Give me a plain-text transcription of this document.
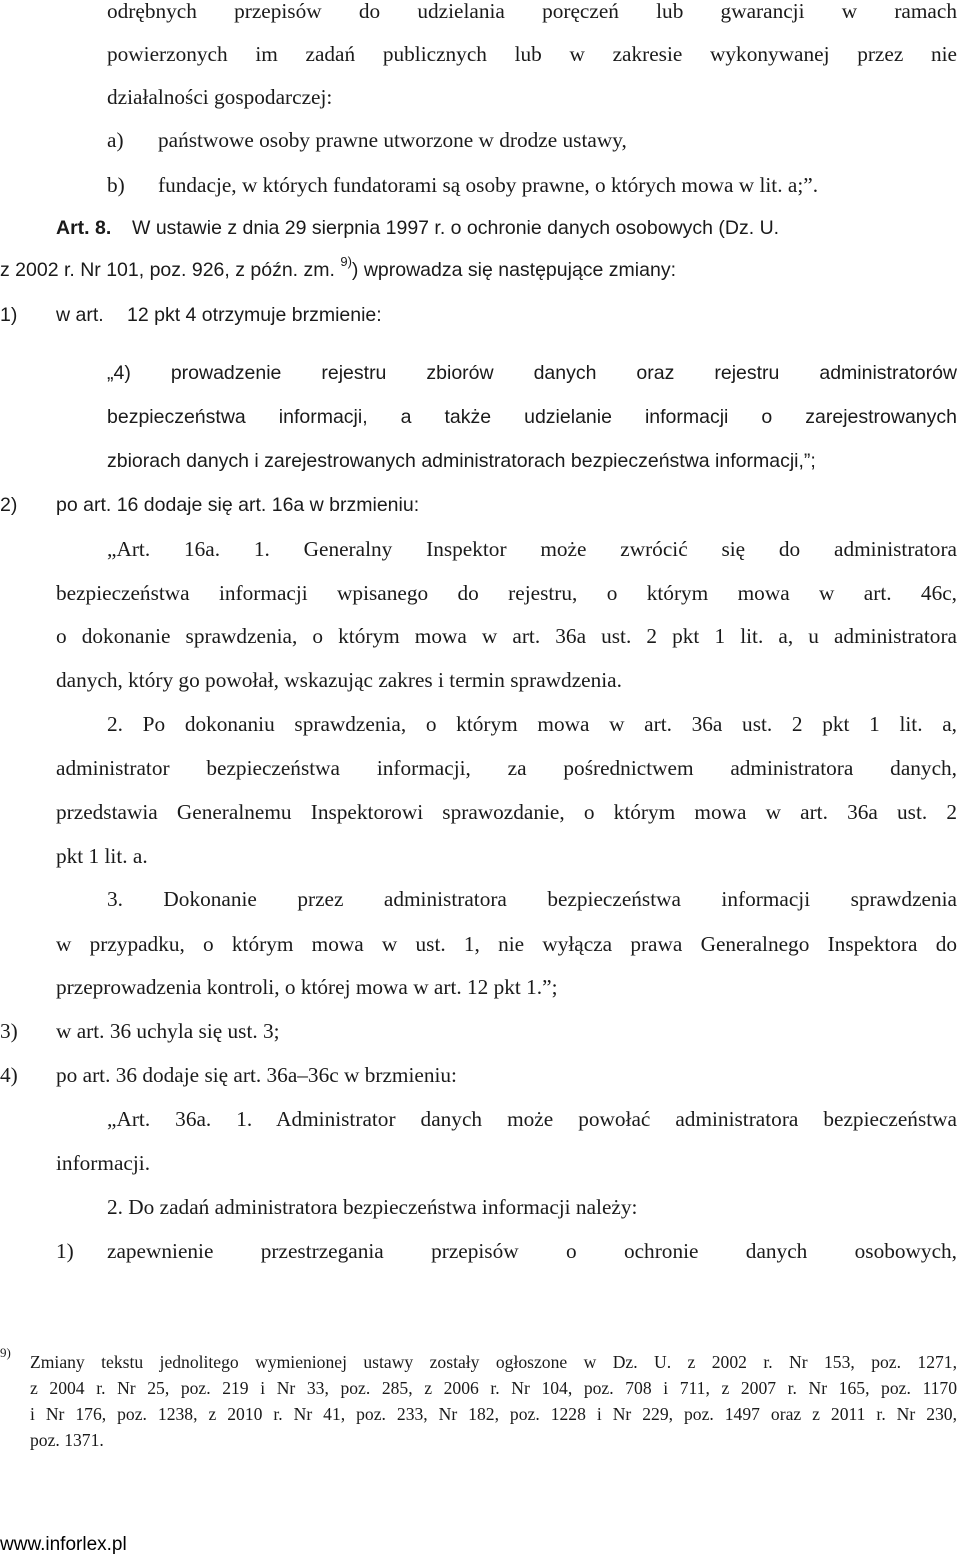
odrębnych przepisów do udzielania poręczeń lub gwarancji w ramach
powierzonych im zadań publicznych lub w zakresie wykonywanej przez nie
działalności gospodarczej:
a) państwowe osoby prawne utworzone w drodze ustawy,
b) fundacje, w których fundatorami są osoby prawne, o których mowa w lit. a;”.
Art. 8. W ustawie z dnia 29 sierpnia 1997 r. o ochronie danych osobowych (Dz. U.
z 2002 r. Nr 101, poz. 926, z późn. zm. $^{9)}$) wprowadza się następujące zmiany:
1) w art. 12 pkt 4 otrzymuje brzmienie:
„4) prowadzenie rejestru zbiorów danych oraz rejestru administratorów
bezpieczeństwa informacji, a także udzielanie informacji o zarejestrowanych
zbiorach danych i zarejestrowanych administratorach bezpieczeństwa informacji,”;
2) po art. 16 dodaje się art. 16a w brzmieniu:
„Art. 16a. 1. Generalny Inspektor może zwrócić się do administratora
bezpieczeństwa informacji wpisanego do rejestru, o którym mowa w art. 46c,
o dokonanie sprawdzenia, o którym mowa w art. 36a ust. 2 pkt 1 lit. a, u administratora
danych, który go powołał, wskazując zakres i termin sprawdzenia.
2. Po dokonaniu sprawdzenia, o którym mowa w art. 36a ust. 2 pkt 1 lit. a,
administrator bezpieczeństwa informacji, za pośrednictwem administratora danych,
przedstawia Generalnemu Inspektorowi sprawozdanie, o którym mowa w art. 36a ust. 2
pkt 1 lit. a.
3. Dokonanie przez administratora bezpieczeństwa informacji sprawdzenia
w przypadku, o którym mowa w ust. 1, nie wyłącza prawa Generalnego Inspektora do
przeprowadzenia kontroli, o której mowa w art. 12 pkt 1.”;
3) w art. 36 uchyla się ust. 3;
4) po art. 36 dodaje się art. 36a–36c w brzmieniu:
„Art. 36a. 1. Administrator danych może powołać administratora bezpieczeństwa
informacji.
2. Do zadań administratora bezpieczeństwa informacji należy:
1) zapewnienie przestrzegania przepisów o ochronie danych osobowych,
9) Zmiany tekstu jednolitego wymienionej ustawy zostały ogłoszone w Dz. U. z 2002 r. Nr 153, poz. 1271,
z 2004 r. Nr 25, poz. 219 i Nr 33, poz. 285, z 2006 r. Nr 104, poz. 708 i 711, z 2007 r. Nr 165, poz. 1170
i Nr 176, poz. 1238, z 2010 r. Nr 41, poz. 233, Nr 182, poz. 1228 i Nr 229, poz. 1497 oraz z 2011 r. Nr 230,
poz. 1371.
www.inforlex.pl
